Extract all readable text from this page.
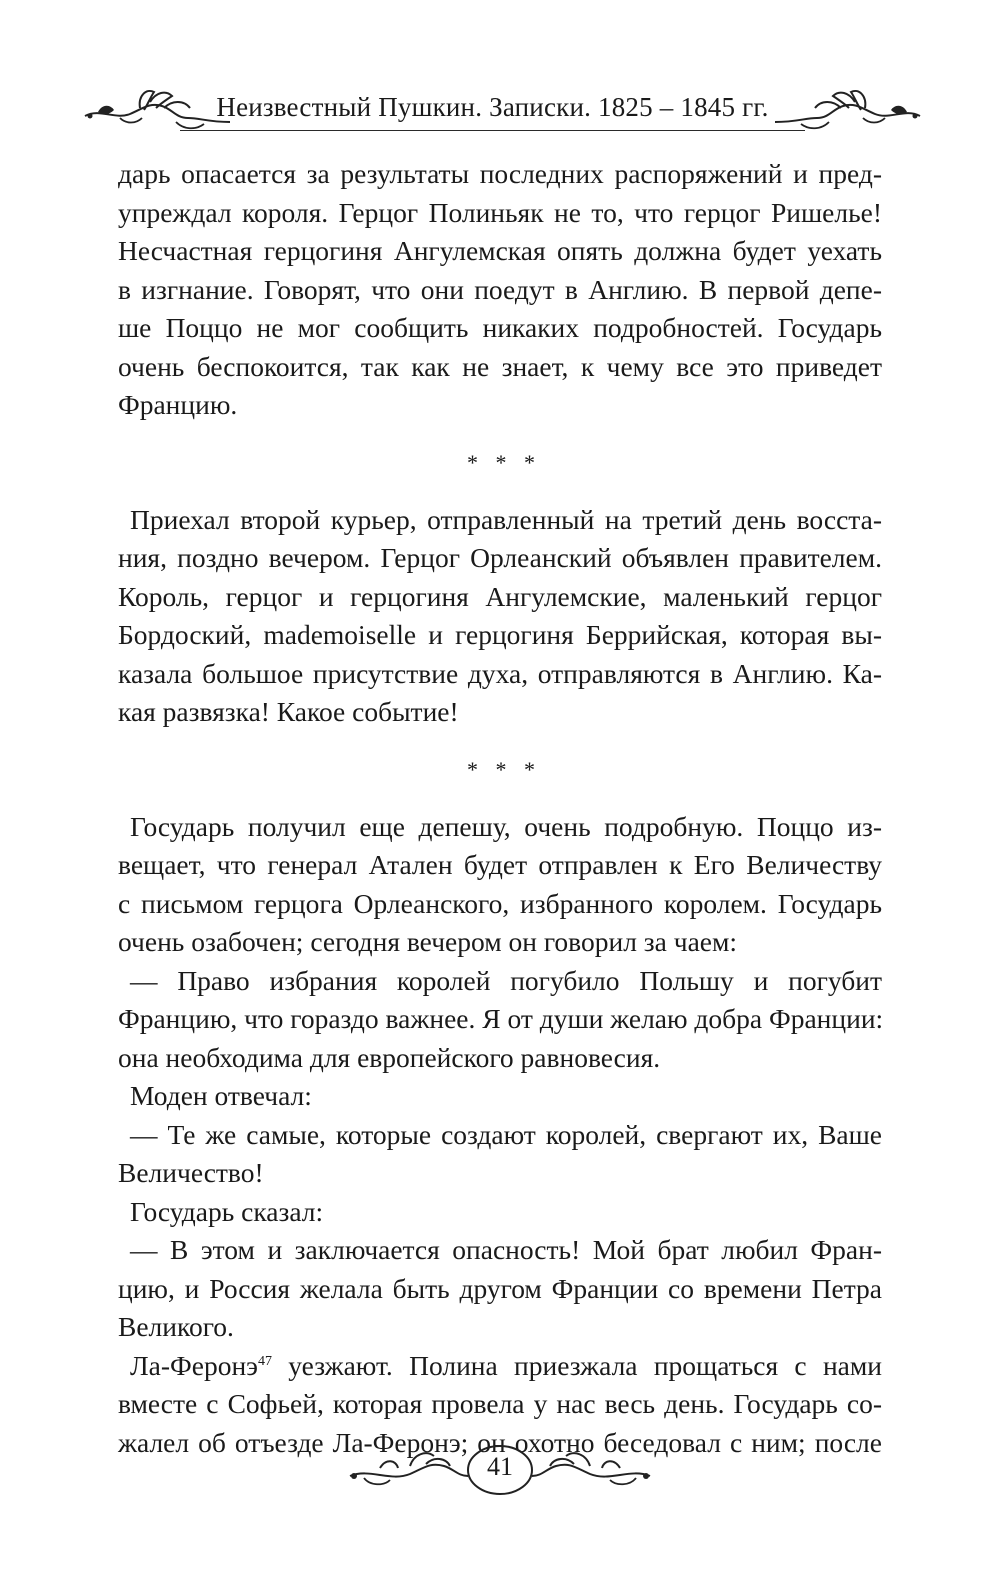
Неизвестный Пушкин. Записки. 1825 – 1845 гг.
дарь опасается за результаты последних распоряжений и пред-
упреждал короля. Герцог Полиньяк не то, что герцог Ришелье!
Несчастная герцогиня Ангулемская опять должна будет уехать
в изгнание. Говорят, что они поедут в Англию. В первой депе-
ше Поццо не мог сообщить никаких подробностей. Государь
очень беспокоится, так как не знает, к чему все это приведет
Францию.
* * *
Приехал второй курьер, отправленный на третий день восста-
ния, поздно вечером. Герцог Орлеанский объявлен правителем.
Король, герцог и герцогиня Ангулемские, маленький герцог
Бордоский, mademoiselle и герцогиня Беррийская, которая вы-
казала большое присутствие духа, отправляются в Англию. Ка-
кая развязка! Какое событие!
* * *
Государь получил еще депешу, очень подробную. Поццо из-
вещает, что генерал Атален будет отправлен к Его Величеству
с письмом герцога Орлеанского, избранного королем. Государь
очень озабочен; сегодня вечером он говорил за чаем:
— Право избрания королей погубило Польшу и погубит
Францию, что гораздо важнее. Я от души желаю добра Франции:
она необходима для европейского равновесия.
Моден отвечал:
— Те же самые, которые создают королей, свергают их, Ваше
Величество!
Государь сказал:
— В этом и заключается опасность! Мой брат любил Фран-
цию, и Россия желала быть другом Франции со времени Петра
Великого.
Ла-Феронэ$^{47}$ уезжают. Полина приезжала прощаться с нами
вместе с Софьей, которая провела у нас весь день. Государь со-
жалел об отъезде Ла-Феронэ; он охотно беседовал с ним; после
41
